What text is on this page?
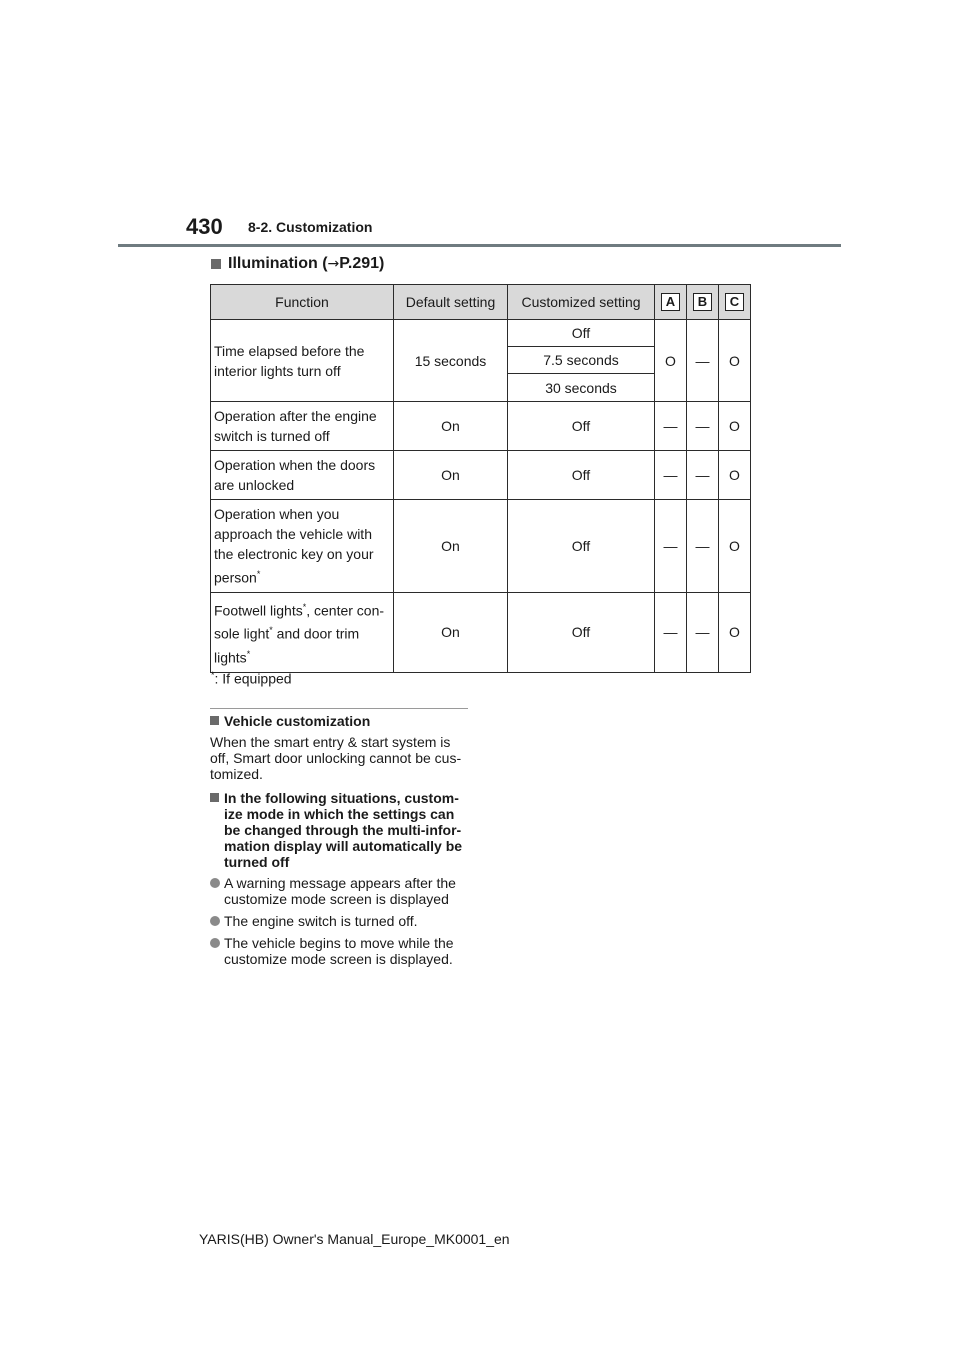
430 8-2. Customization
Illumination ( → P.291)
Function	Default setting	Customized setting	A	B	C
Time elapsed before the interior lights turn off	15 seconds	Off	O	—	O
		7.5 seconds			
		30 seconds			
Operation after the engine switch is turned off	On	Off	—	—	O
Operation when the doors are unlocked	On	Off	—	—	O
Operation when you approach the vehicle with the electronic key on your person*	On	Off	—	—	O
Footwell lights*, center con- sole light* and door trim lights*	On	Off	—	—	O
*: If equipped
Vehicle customization
When the smart entry & start system is off, Smart door unlocking cannot be cus- tomized.
In the following situations, custom- ize mode in which the settings can be changed through the multi-infor- mation display will automatically be turned off
A warning message appears after the customize mode screen is displayed
The engine switch is turned off.
The vehicle begins to move while the customize mode screen is displayed.
YARIS(HB) Owner's Manual_Europe_MK0001_en
